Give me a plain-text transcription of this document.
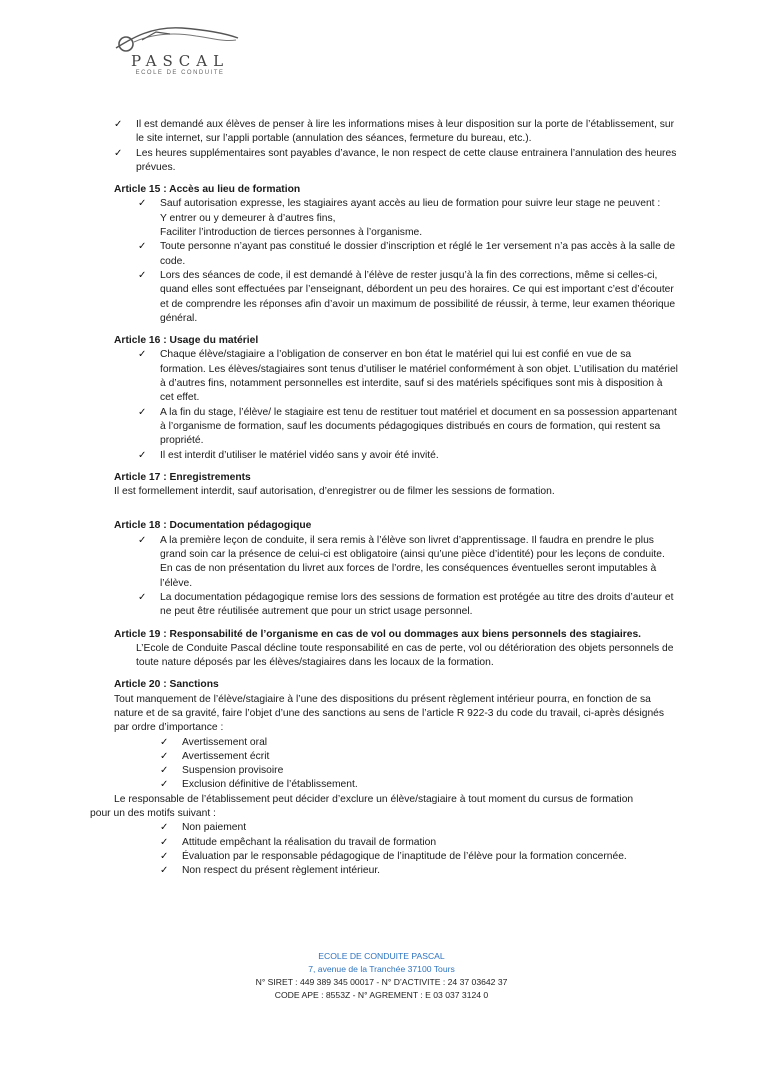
PASCAL
ECOLE DE CONDUITE
✓ Il est demandé aux élèves de penser à lire les informations mises à leur disposition sur la porte de l’établissement, sur le site internet, sur l’appli portable (annulation des séances, fermeture du bureau, etc.).
✓ Les heures supplémentaires sont payables d’avance, le non respect de cette clause entrainera l’annulation des heures prévues.
Article 15 : Accès au lieu de formation
✓ Sauf autorisation expresse, les stagiaires ayant accès au lieu de formation pour suivre leur stage ne peuvent :
Y entrer ou y demeurer à d’autres fins,
Faciliter l’introduction de tierces personnes à l’organisme.
✓ Toute personne n’ayant pas constitué le dossier d’inscription et réglé le 1er versement n’a pas accès à la salle de code.
✓ Lors des séances de code, il est demandé à l’élève de rester jusqu’à la fin des corrections, même si celles-ci, quand elles sont effectuées par l’enseignant, débordent un peu des horaires. Ce qui est important c’est d’écouter et de comprendre les réponses afin d’avoir un maximum de possibilité de réussir, à terme, leur examen théorique général.
Article 16 : Usage du matériel
✓ Chaque élève/stagiaire a l’obligation de conserver en bon état le matériel qui lui est confié en vue de sa formation. Les élèves/stagiaires sont tenus d’utiliser le matériel conformément à son objet. L’utilisation du matériel à d’autres fins, notamment personnelles est interdite, sauf si des matériels spécifiques sont mis à disposition à cet effet.
✓ A la fin du stage, l’élève/ le stagiaire est tenu de restituer tout matériel et document en sa possession appartenant à l’organisme de formation, sauf les documents pédagogiques distribués en cours de formation, qui restent sa propriété.
✓ Il est interdit d’utiliser le matériel vidéo sans y avoir été invité.
Article 17 : Enregistrements
Il est formellement interdit, sauf autorisation, d’enregistrer ou de filmer les sessions de formation.
Article 18 : Documentation pédagogique
✓ A la première leçon de conduite, il sera remis à l’élève son livret d’apprentissage. Il faudra en prendre le plus grand soin car la présence de celui-ci est obligatoire (ainsi qu’une pièce d’identité) pour les leçons de conduite. En cas de non présentation du livret aux forces de l’ordre, les conséquences éventuelles seront imputables à l’élève.
✓ La documentation pédagogique remise lors des sessions de formation est protégée au titre des droits d’auteur et ne peut être réutilisée autrement que pour un strict usage personnel.
Article 19 : Responsabilité de l’organisme en cas de vol ou dommages aux biens personnels des stagiaires.
L’Ecole de Conduite Pascal décline toute responsabilité en cas de perte, vol ou détérioration des objets personnels de toute nature déposés par les élèves/stagiaires dans les locaux de la formation.
Article 20 : Sanctions
Tout manquement de l’élève/stagiaire à l’une des dispositions du présent règlement intérieur pourra, en fonction de sa nature et de sa gravité, faire l’objet d’une des sanctions au sens de l’article R 922-3 du code du travail, ci-après désignés par ordre d’importance :
✓ Avertissement oral
✓ Avertissement écrit
✓ Suspension provisoire
✓ Exclusion définitive de l’établissement.
Le responsable de l’établissement peut décider d’exclure un élève/stagiaire à tout moment du cursus de formation
pour un des motifs suivant :
✓ Non paiement
✓ Attitude empêchant la réalisation du travail de formation
✓ Évaluation par le responsable pédagogique de l’inaptitude de l’élève pour la formation concernée.
✓ Non respect du présent règlement intérieur.
ECOLE DE CONDUITE PASCAL
7, avenue de la Tranchée 37100 Tours
N° SIRET : 449 389 345 00017 - N° D’ACTIVITE : 24 37 03642 37
CODE APE : 8553Z - N° AGREMENT : E 03 037 3124 0
